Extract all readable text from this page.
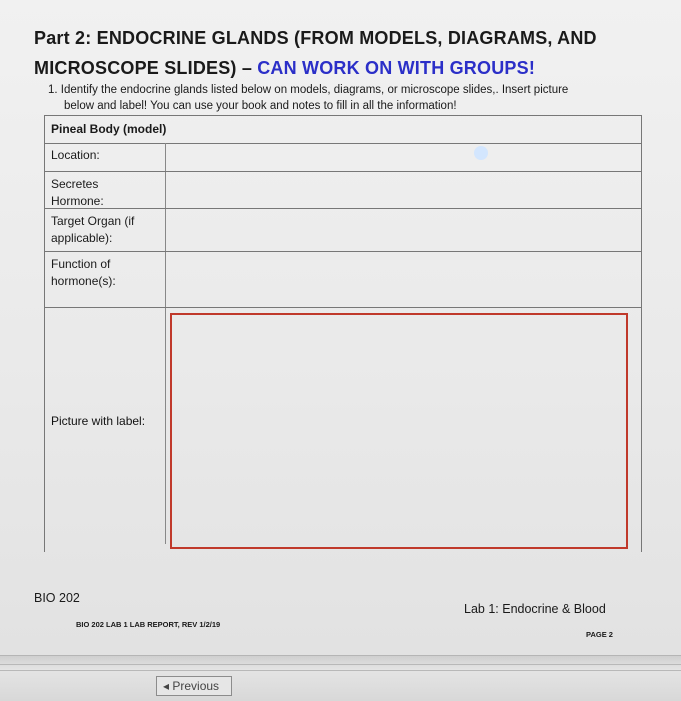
Part 2: ENDOCRINE GLANDS (FROM MODELS, DIAGRAMS, AND
MICROSCOPE SLIDES) – CAN WORK ON WITH GROUPS!
1. Identify the endocrine glands listed below on models, diagrams, or microscope slides,. Insert picture
below and label! You can use your book and notes to fill in all the information!
Pineal Body (model)
Location:
Secretes
Hormone:
Target Organ (if
applicable):
Function of
hormone(s):
Picture with label:
BIO 202
Lab 1: Endocrine & Blood
BIO 202 LAB 1 LAB REPORT, REV 1/2/19
PAGE 2
◂ Previous
